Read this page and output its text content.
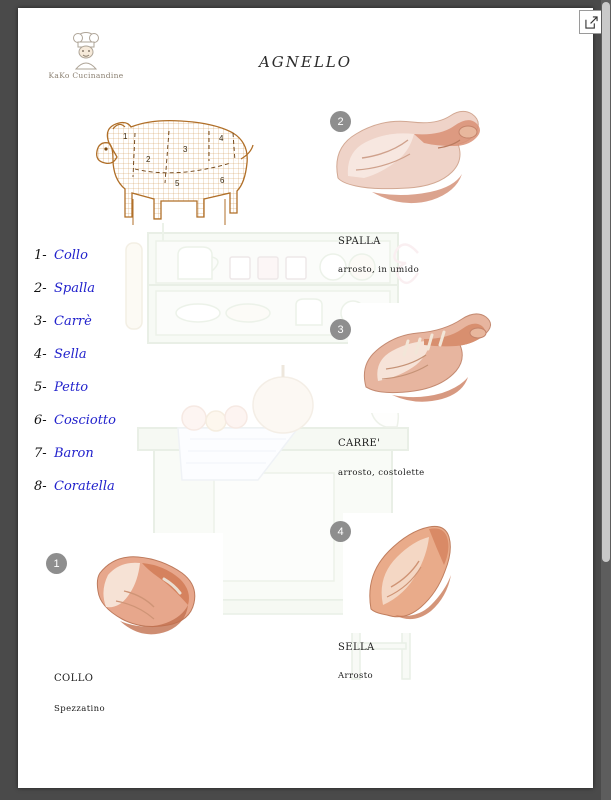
KaKo Cucinandine
AGNELLO
1
2
3
4
5	6
1- Collo
2- Spalla
3- Carrè
4- Sella
5- Petto
6- Cosciotto
7- Baron
8- Coratella
2
SPALLA
arrosto, in umido
3
CARRE'
arrosto, costolette
4
SELLA
Arrosto
1
COLLO
Spezzatino
